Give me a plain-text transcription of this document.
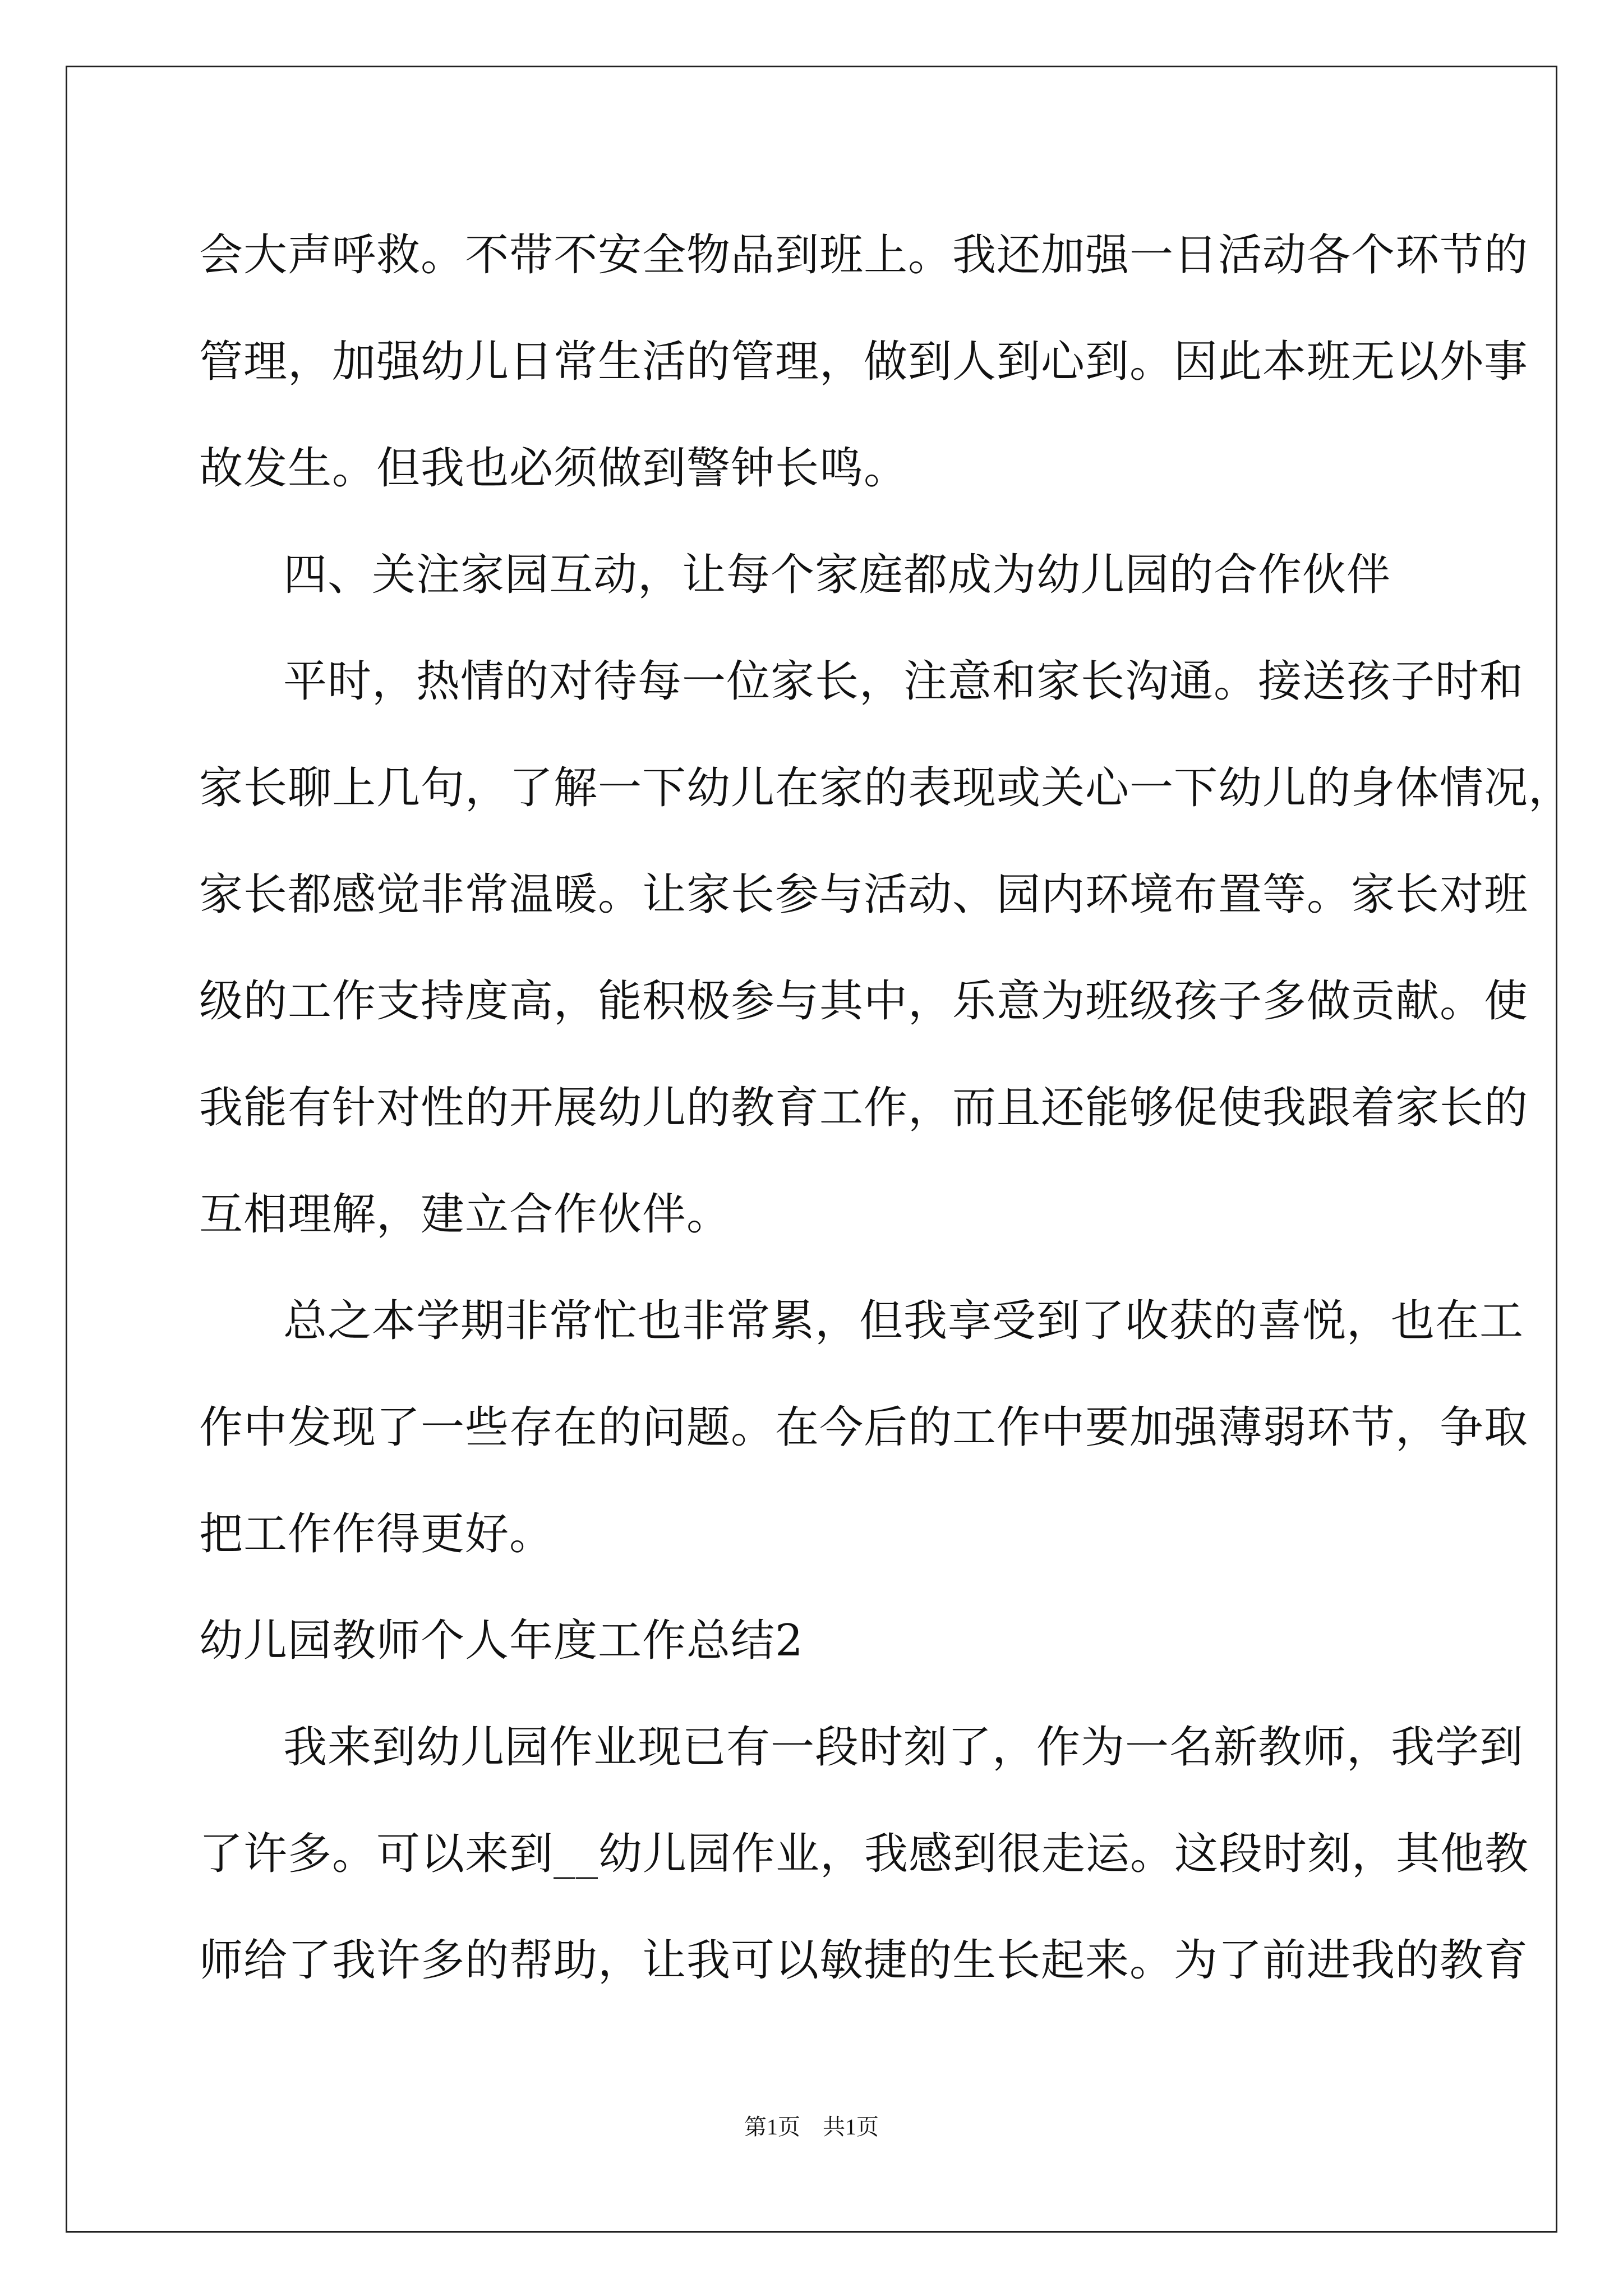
会大声呼救。不带不安全物品到班上。我还加强一日活动各个环节的
管理，加强幼儿日常生活的管理，做到人到心到。因此本班无以外事
故发生。但我也必须做到警钟长鸣。
四、关注家园互动，让每个家庭都成为幼儿园的合作伙伴
平时，热情的对待每一位家长，注意和家长沟通。接送孩子时和
家长聊上几句，了解一下幼儿在家的表现或关心一下幼儿的身体情况，
家长都感觉非常温暖。让家长参与活动、园内环境布置等。家长对班
级的工作支持度高，能积极参与其中，乐意为班级孩子多做贡献。使
我能有针对性的开展幼儿的教育工作，而且还能够促使我跟着家长的
互相理解，建立合作伙伴。
总之本学期非常忙也非常累，但我享受到了收获的喜悦，也在工
作中发现了一些存在的问题。在今后的工作中要加强薄弱环节，争取
把工作作得更好。
幼儿园教师个人年度工作总结2
我来到幼儿园作业现已有一段时刻了，作为一名新教师，我学到
了许多。可以来到__幼儿园作业，我感到很走运。这段时刻，其他教
师给了我许多的帮助，让我可以敏捷的生长起来。为了前进我的教育
第1页 共1页
